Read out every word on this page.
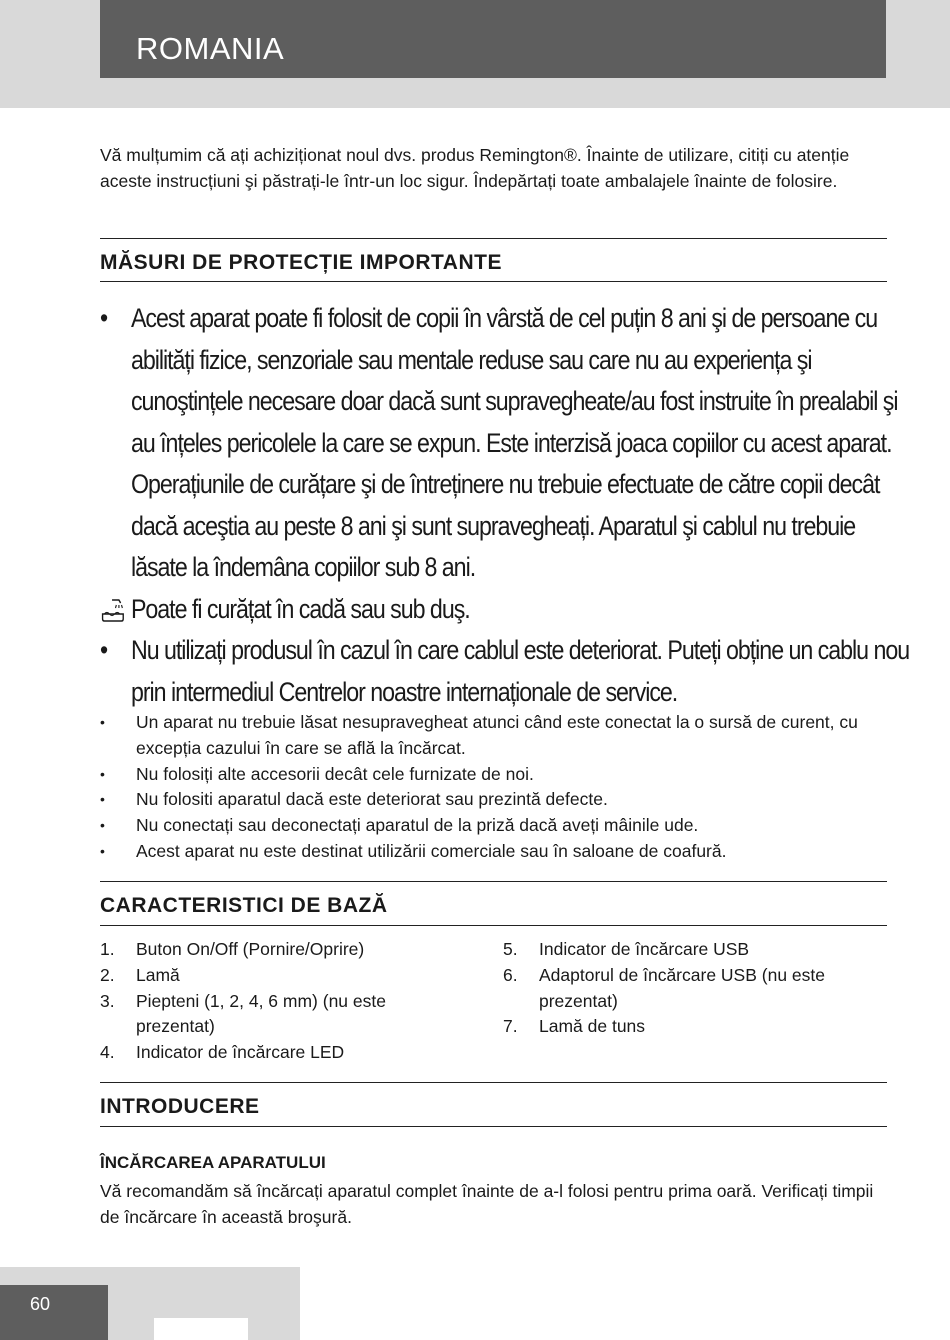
ROMANIA

Vă mulțumim că ați achiziționat noul dvs. produs Remington®. Înainte de utilizare, citiți cu atenție aceste instrucțiuni şi păstrați-le într-un loc sigur. Îndepărtați toate ambalajele înainte de folosire.

MĂSURI DE PROTECȚIE IMPORTANTE
• Acest aparat poate fi folosit de copii în vârstă de cel puțin 8 ani şi de persoane cu abilități fizice, senzoriale sau mentale reduse sau care nu au experiența şi cunoştințele necesare doar dacă sunt supravegheate/au fost instruite în prealabil şi au înțeles pericolele la care se expun. Este interzisă joaca copiilor cu acest aparat. Operațiunile de curățare şi de întreținere nu trebuie efectuate de către copii decât dacă aceştia au peste 8 ani şi sunt supravegheați. Aparatul şi cablul nu trebuie lăsate la îndemâna copiilor sub 8 ani.
Poate fi curățat în cadă sau sub duş.
• Nu utilizați produsul în cazul în care cablul este deteriorat. Puteți obține un cablu nou prin intermediul Centrelor noastre internaționale de service.
• Un aparat nu trebuie lăsat nesupravegheat atunci când este conectat la o sursă de curent, cu excepția cazului în care se află la încărcat.
• Nu folosiți alte accesorii decât cele furnizate de noi.
• Nu folositi aparatul dacă este deteriorat sau prezintă defecte.
• Nu conectați sau deconectați aparatul de la priză dacă aveți mâinile ude.
• Acest aparat nu este destinat utilizării comerciale sau în saloane de coafură.
CARACTERISTICI DE BAZĂ
1. Buton On/Off (Pornire/Oprire)
2. Lamă
3. Piepteni (1, 2, 4, 6 mm) (nu este prezentat)
4. Indicator de încărcare LED
5. Indicator de încărcare USB
6. Adaptorul de încărcare USB (nu este prezentat)
7. Lamă de tuns
INTRODUCERE
ÎNCĂRCAREA APARATULUI

Vă recomandăm să încărcați aparatul complet înainte de a-l folosi pentru prima oară. Verificați timpii de încărcare în această broşură.

60
